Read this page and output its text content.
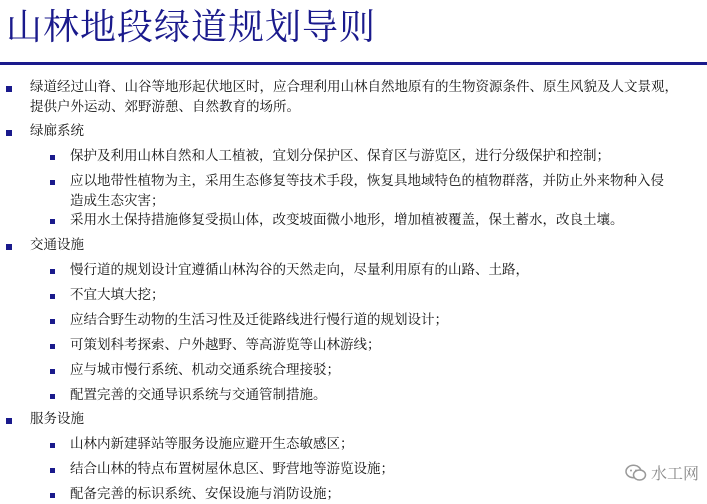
山林地段绿道规划导则
绿道经过山脊、山谷等地形起伏地区时，应合理利用山林自然地原有的生物资源条件、原生风貌及人文景观，
提供户外运动、郊野游憩、自然教育的场所。
绿廊系统
保护及利用山林自然和人工植被，宜划分保护区、保育区与游览区，进行分级保护和控制；
应以地带性植物为主，采用生态修复等技术手段，恢复具地域特色的植物群落，并防止外来物种入侵
造成生态灾害；
采用水土保持措施修复受损山体，改变坡面微小地形，增加植被覆盖，保土蓄水，改良土壤。
交通设施
慢行道的规划设计宜遵循山林沟谷的天然走向，尽量利用原有的山路、土路，
不宜大填大挖；
应结合野生动物的生活习性及迁徙路线进行慢行道的规划设计；
可策划科考探索、户外越野、等高游览等山林游线；
应与城市慢行系统、机动交通系统合理接驳；
配置完善的交通导识系统与交通管制措施。
服务设施
山林内新建驿站等服务设施应避开生态敏感区；
结合山林的特点布置树屋休息区、野营地等游览设施；
配备完善的标识系统、安保设施与消防设施；
水工网
